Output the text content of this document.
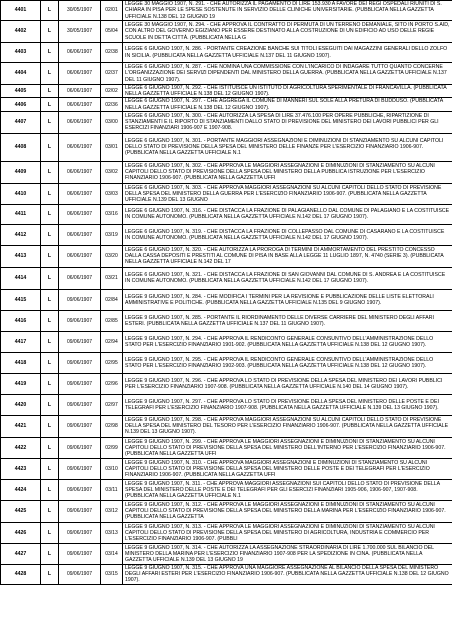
4401	L	30/05/1907	02/01	LEGGE 30 MAGGIO 1907, N. 291. - CHE AUTORIZZA IL PAGAMENTO DI LIRE 153.930 A FAVORE DEI REGI OSPEDALI RIUNITI DI S. CHIARA IN PISA PER LE SPESE SOSTENUTE IN SERVIZIO DELLE CLINICHE UNIVERSITARIE. (PUBBLICATA NELLA GAZZETTA UFFICIALE N.138 DEL 12 GIUGNO 19
4402	L	30/05/1907	05/04	LEGGE 30 MAGGIO 1907, N. 294. - CHE APPROVA IL CONTRATTO DI PERMUTA DI UN TERRENO DEMANIALE, SITO IN PORTO S.AID, CON ALTRO DEL GOVERNO EGIZIANO PER ESSERE DESTINATO ALLA COSTRUZIONE DI UN EDIFICIO AD USO DELLE REGIE SCUOLE IN DETTA CITTÀ. (PUBBLICATA NELLA G
4403	L	06/06/1907	02/38	LEGGE 6 GIUGNO 1907, N. 286. - PORTANTE CREAZIONE BANCHE SUI TITOLI ESEGUITI DAI MAGAZZINI GENERALI DELLO ZOLFO IN SICILIA. (PUBBLICATA NELLA GAZZETTA UFFICIALE N.137 DEL 11 GIUGNO 1907).
4404	L	06/06/1907	02/37	LEGGE 6 GIUGNO 1907, N. 287. - CHE NOMINA UNA COMMISSIONE CON L'INCARICO DI INDAGARE TUTTO QUANTO CONCERNE L'ORGANIZZAZIONE DEI SERVIZI DIPENDENTI DAL MINISTERO DELLA GUERRA. (PUBBLICATA NELLA GAZZETTA UFFICIALE N.137 DEL 11 GIUGNO 1907).
4405	L	06/06/1907	02/02	LEGGE 6 GIUGNO 1907, N. 292. - CHE ISTITUISCE UN ISTITUTO DI AGRICOLTURA SPERIMENTALE DI FRANCAVILLA. (PUBBLICATA NELLA GAZZETTA UFFICIALE N.138 DEL 12 GIUGNO 1907).
4406	L	06/06/1907	02/36	LEGGE 6 GIUGNO 1907, N. 297. - CHE AGGREGA IL COMUNE DI MANNERI SUL SOLE ALLA PRETURA DI BUDDUSÒ. (PUBBLICATA NELLA GAZZETTA UFFICIALE N.138 DEL 12 GIUGNO 1907).
4407	L	06/06/1907	03/00	LEGGE 6 GIUGNO 1907, N. 300. - CHE AUTORIZZA LA SPESA DI LIRE 37.476.100 PER OPERE PUBBLICHE, RIPARTIZIONE DI STANZIAMENTI E IL RIPORTO DI STANZIAMENTI DALLO STATO DI PREVISIONE DEL MINISTERO DEI LAVORI PUBBLICI PER GLI ESERCIZI FINANZIARI 1906-907 E 1907-908.
4408	L	06/06/1907	03/01	LEGGE 6 GIUGNO 1907, N. 301. - PORTANTE MAGGIORI ASSEGNAZIONI E DIMINUZIONI DI STANZIAMENTO SU ALCUNI CAPITOLI DELLO STATO DI PREVISIONE DELLA SPESA DEL MINISTERO DELLE FINANZE PER L'ESERCIZIO FINANZIARIO 1906-907. (PUBBLICATA NELLA GAZZETTA UFFICIALE N.1
4409	L	06/06/1907	03/02	LEGGE 6 GIUGNO 1907, N. 302. - CHE APPROVA LE MAGGIORI ASSEGNAZIONI E DIMINUZIONI DI STANZIAMENTO SU ALCUNI CAPITOLI DELLO STATO DI PREVISIONE DELLA SPESA DEL MINISTERO DELLA PUBBLICA ISTRUZIONE PER L'ESERCIZIO FINANZIARIO 1906-907. (PUBBLICATA NELLA GAZZETTA UFFI
4410	L	06/06/1907	03/03	LEGGE 6 GIUGNO 1907, N. 303. - CHE APPROVA MAGGIORI ASSEGNAZIONI SU ALCUNI CAPITOLI DELLO STATO DI PREVISIONE DELLA SPESA DEL MINISTERO DELLA GUERRA PER L'ESERCIZIO FINANZIARIO 1906-907. (PUBBLICATA NELLA GAZZETTA UFFICIALE N.139 DEL 13 GIUGNO
4411	L	06/06/1907	03/16	LEGGE 6 GIUGNO 1907, N. 316. - CHE DISTACCA LA FRAZIONE DI PALAGIANELLO DAL COMUNE DI PALAGIANO E LA COSTITUISCE IN COMUNE AUTONOMO. (PUBBLICATA NELLA GAZZETTA UFFICIALE N.142 DEL 17 GIUGNO 1907).
4412	L	06/06/1907	03/19	LEGGE 6 GIUGNO 1907, N. 319. - CHE DISTACCA LA FRAZIONE DI COLLEPASSO DAL COMUNE DI CASARANO E LA COSTITUISCE IN COMUNE AUTONOMO. (PUBBLICATA NELLA GAZZETTA UFFICIALE N.142 DEL 17 GIUGNO 1907).
4413	L	06/06/1907	03/20	LEGGE 6 GIUGNO 1907, N. 320. - CHE AUTORIZZA LA PROROGA DI TERMINI DI AMMORTAMENTO DEL PRESTITO CONCESSO DALLA CASSA DEPOSITI E PRESTITI AL COMUNE DI PISA IN BASE ALLA LEGGE 11 LUGLIO 1897, N. 4740 (SERIE 3). (PUBBLICATA NELLA GAZZETTA UFFICIALE N.142 DEL 17
4414	L	06/06/1907	03/21	LEGGE 6 GIUGNO 1907, N. 321. - CHE DISTACCA LA FRAZIONE DI SAN GIOVANNI DAL COMUNE DI S. ANDREA E LA COSTITUISCE IN COMUNE AUTONOMO. (PUBBLICATA NELLA GAZZETTA UFFICIALE N.142 DEL 17 GIUGNO 1907).
4415	L	09/06/1907	02/84	LEGGE 9 GIUGNO 1907, N. 284. - CHE MODIFICA I TERMINI PER LA REVISIONE E PUBBLICAZIONE DELLE LISTE ELETTORALI AMMINISTRATIVE E POLITICHE. (PUBBLICATA NELLA GAZZETTA UFFICIALE N.135 DEL 9 GIUGNO 1907).
4416	L	09/06/1907	02/85	LEGGE 9 GIUGNO 1907, N. 285. - PORTANTE IL RIORDINAMENTO DELLE DIVERSE CARRIERE DEL MINISTERO DEGLI AFFARI ESTERI. (PUBBLICATA NELLA GAZZETTA UFFICIALE N.137 DEL 11 GIUGNO 1907).
4417	L	09/06/1907	02/94	LEGGE 9 GIUGNO 1907, N. 294. - CHE APPROVA IL RENDICONTO GENERALE CONSUNTIVO DELL'AMMINISTRAZIONE DELLO STATO PER L'ESERCIZIO FINANZIARIO 1901-902. (PUBBLICATA NELLA GAZZETTA UFFICIALE N.138 DEL 12 GIUGNO 1907).
4418	L	09/06/1907	02/95	LEGGE 9 GIUGNO 1907, N. 295. - CHE APPROVA IL RENDICONTO GENERALE CONSUNTIVO DELL'AMMINISTRAZIONE DELLO STATO PER L'ESERCIZIO FINANZIARIO 1902-903. (PUBBLICATA NELLA GAZZETTA UFFICIALE N.138 DEL 12 GIUGNO 1907).
4419	L	09/06/1907	02/96	LEGGE 9 GIUGNO 1907, N. 296. - CHE APPROVA LO STATO DI PREVISIONE DELLA SPESA DEL MINISTERO DEI LAVORI PUBBLICI PER L'ESERCIZIO FINANZIARIO 1907-908. (PUBBLICATA NELLA GAZZETTA UFFICIALE N.140 DEL 14 GIUGNO 1907).
4420	L	09/06/1907	02/97	LEGGE 9 GIUGNO 1907, N. 297. - CHE APPROVA LO STATO DI PREVISIONE DELLA SPESA DEL MINISTERO DELLE POSTE E DEI TELEGRAFI PER L'ESERCIZIO FINANZIARIO 1907-908. (PUBBLICATA NELLA GAZZETTA UFFICIALE N.139 DEL 13 GIUGNO 1907).
4421	L	09/06/1907	02/98	LEGGE 9 GIUGNO 1907, N. 298. - CHE APPROVA MAGGIORI ASSEGNAZIONI SU ALCUNI CAPITOLI DELLO STATO DI PREVISIONE DELLA SPESA DEL MINISTERO DEL TESORO PER L'ESERCIZIO FINANZIARIO 1906-907. (PUBBLICATA NELLA GAZZETTA UFFICIALE N.139 DEL 13 GIUGNO 1907).
4422	L	09/06/1907	02/99	LEGGE 9 GIUGNO 1907, N. 299. - CHE APPROVA LE MAGGIORI ASSEGNAZIONI E DIMINUZIONI DI STANZIAMENTO SU ALCUNI CAPITOLI DELLO STATO DI PREVISIONE DELLA SPESA DEL MINISTERO DELL'INTERNO PER L'ESERCIZIO FINANZIARIO 1906-907. (PUBBLICATA NELLA GAZZETTA UFFI
4423	L	09/06/1907	03/10	LEGGE 9 GIUGNO 1907, N. 310. - CHE APPROVA MAGGIORI ASSEGNAZIONI E DIMINUZIONI DI STANZIAMENTO SU ALCUNI CAPITOLI DELLO STATO DI PREVISIONE DELLA SPESA DEL MINISTERO DELLE POSTE E DEI TELEGRAFI PER L'ESERCIZIO FINANZIARIO 1906-907. (PUBBLICATA NELLA GAZZETTA UFFI
4424	L	09/06/1907	03/11	LEGGE 9 GIUGNO 1907, N. 311. - CHE APPROVA MAGGIORI ASSEGNAZIONI SUI CAPITOLI DELLO STATO DI PREVISIONE DELLA SPESA DEL MINISTERO DELLE POSTE E DEI TELEGRAFI PER GLI ESERCIZI FINANZIARI 1905-906, 1906-907, 1907-908. (PUBBLICATA NELLA GAZZETTA UFFICIALE N.1
4425	L	09/06/1907	03/12	LEGGE 9 GIUGNO 1907, N. 312. - CHE APPROVA LE MAGGIORI ASSEGNAZIONI E DIMINUZIONI DI STANZIAMENTO SU ALCUNI CAPITOLI DELLO STATO DI PREVISIONE DELLA SPESA DEL MINISTERO DELLA MARINA PER L'ESERCIZIO FINANZIARIO 1906-907. (PUBBLICATA NELLA GAZZETTA
4426	L	09/06/1907	03/13	LEGGE 9 GIUGNO 1907, N. 313. - CHE APPROVA LE MAGGIORI ASSEGNAZIONI E DIMINUZIONI DI STANZIAMENTO SU ALCUNI CAPITOLI DELLO STATO DI PREVISIONE DELLA SPESA DEL MINISTERO DI AGRICOLTURA, INDUSTRIA E COMMERCIO PER L'ESERCIZIO FINANZIARIO 1906-907. (PUBBLI
4427	L	09/06/1907	03/14	LEGGE 9 GIUGNO 1907, N. 314. - CHE AUTORIZZA LA ASSEGNAZIONE STRAORDINARIA DI LIRE 1.700.000 SUL BILANCIO DEL MINISTERO DELLA MARINA PER L'ESERCIZIO FINANZIARIO 1907-908 PER LA SPEDIZIONE IN CINA. (PUBBLICATA NELLA GAZZETTA UFFICIALE N.139 DEL 13 GIUGNO 19
4428	L	09/06/1907	03/15	LEGGE 9 GIUGNO 1907, N. 315. - CHE APPROVA UNA MAGGIORE ASSEGNAZIONE AL BILANCIO DELLA SPESA DEL MINISTERO DEGLI AFFARI ESTERI PER L'ESERCIZIO FINANZIARIO 1906-907. (PUBBLICATA NELLA GAZZETTA UFFICIALE N.138 DEL 12 GIUGNO 1907).
